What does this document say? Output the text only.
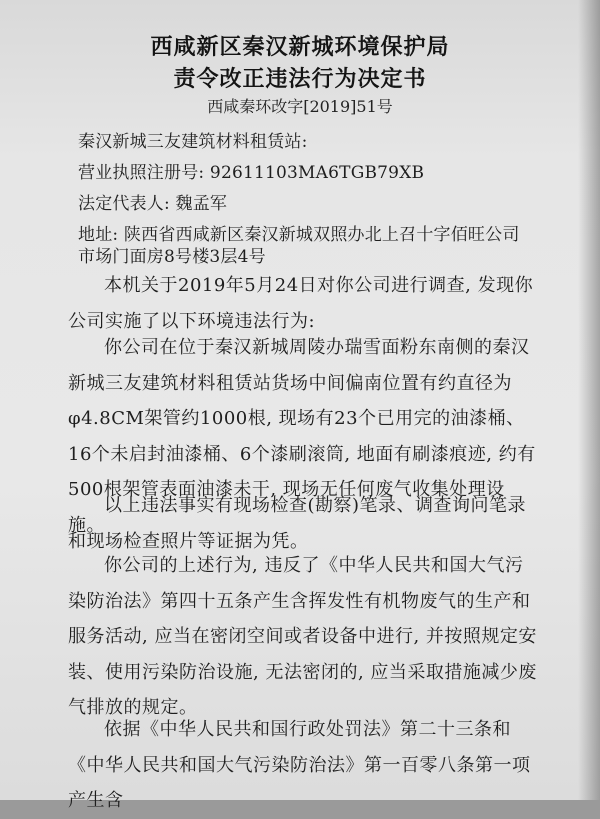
西咸新区秦汉新城环境保护局
责令改正违法行为决定书
西咸秦环改字[2019]51号
秦汉新城三友建筑材料租赁站:
营业执照注册号: 92611103MA6TGB79XB
法定代表人: 魏孟军
地址: 陕西省西咸新区秦汉新城双照办北上召十字佰旺公司
市场门面房8号楼3层4号
本机关于2019年5月24日对你公司进行调查, 发现你公司实施了以下环境违法行为:
你公司在位于秦汉新城周陵办瑞雪面粉东南侧的秦汉新城三友建筑材料租赁站货场中间偏南位置有约直径为φ4.8CM架管约1000根, 现场有23个已用完的油漆桶、16个未启封油漆桶、6个漆刷滚筒, 地面有刷漆痕迹, 约有500根架管表面油漆未干, 现场无任何废气收集处理设施。
以上违法事实有现场检查(勘察)笔录、调查询问笔录和现场检查照片等证据为凭。
你公司的上述行为, 违反了《中华人民共和国大气污染防治法》第四十五条产生含挥发性有机物废气的生产和服务活动, 应当在密闭空间或者设备中进行, 并按照规定安装、使用污染防治设施, 无法密闭的, 应当采取措施减少废气排放的规定。
依据《中华人民共和国行政处罚法》第二十三条和《中华人民共和国大气污染防治法》第一百零八条第一项产生含
